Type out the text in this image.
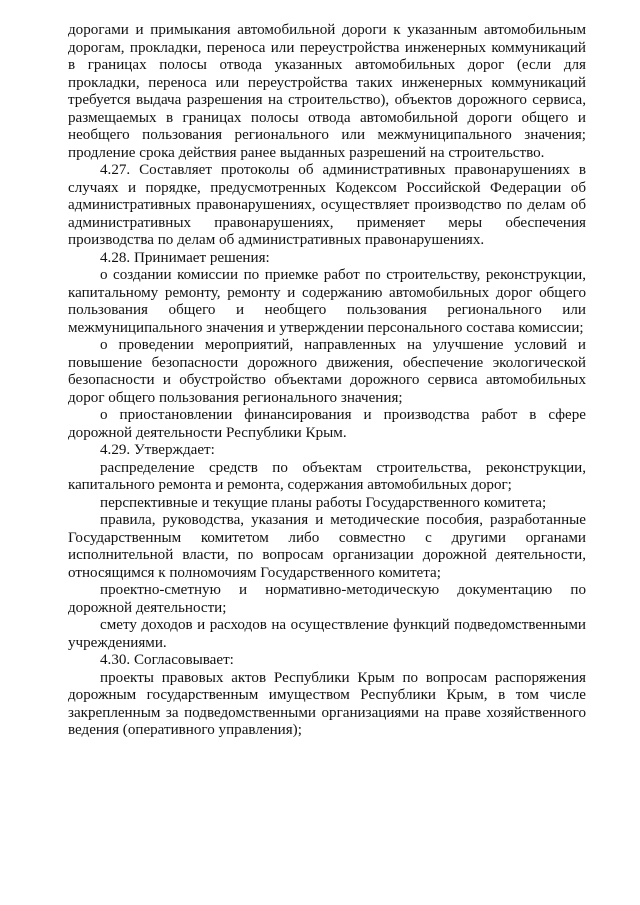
дорогами и примыкания автомобильной дороги к указанным автомобильным дорогам, прокладки, переноса или переустройства инженерных коммуникаций в границах полосы отвода указанных автомобильных дорог (если для прокладки, переноса или переустройства таких инженерных коммуникаций требуется выдача разрешения на строительство), объектов дорожного сервиса, размещаемых в границах полосы отвода автомобильной дороги общего и необщего пользования регионального или межмуниципального значения; продление срока действия ранее выданных разрешений на строительство.

4.27. Составляет протоколы об административных правонарушениях в случаях и порядке, предусмотренных Кодексом Российской Федерации об административных правонарушениях, осуществляет производство по делам об административных правонарушениях, применяет меры обеспечения производства по делам об административных правонарушениях.

4.28. Принимает решения:

о создании комиссии по приемке работ по строительству, реконструкции, капитальному ремонту, ремонту и содержанию автомобильных дорог общего пользования общего и необщего пользования регионального или межмуниципального значения и утверждении персонального состава комиссии;

о проведении мероприятий, направленных на улучшение условий и повышение безопасности дорожного движения, обеспечение экологической безопасности и обустройство объектами дорожного сервиса автомобильных дорог общего пользования регионального значения;

о приостановлении финансирования и производства работ в сфере дорожной деятельности Республики Крым.

4.29. Утверждает:

распределение средств по объектам строительства, реконструкции, капитального ремонта и ремонта, содержания автомобильных дорог;

перспективные и текущие планы работы Государственного комитета;

правила, руководства, указания и методические пособия, разработанные Государственным комитетом либо совместно с другими органами исполнительной власти, по вопросам организации дорожной деятельности, относящимся к полномочиям Государственного комитета;

проектно-сметную и нормативно-методическую документацию по дорожной деятельности;

смету доходов и расходов на осуществление функций подведомственными учреждениями.

4.30. Согласовывает:

проекты правовых актов Республики Крым по вопросам распоряжения дорожным государственным имуществом Республики Крым, в том числе закрепленным за подведомственными организациями на праве хозяйственного ведения (оперативного управления);
